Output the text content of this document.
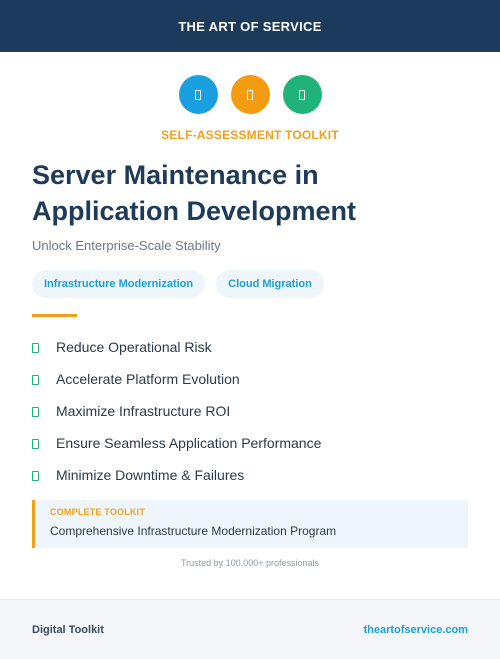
THE ART OF SERVICE
SELF-ASSESSMENT TOOLKIT
Server Maintenance in
Application Development
Unlock Enterprise-Scale Stability
Infrastructure Modernization	Cloud Migration
Reduce Operational Risk
Accelerate Platform Evolution
Maximize Infrastructure ROI
Ensure Seamless Application Performance
Minimize Downtime & Failures
COMPLETE TOOLKIT
Comprehensive Infrastructure Modernization Program
Trusted by 100,000+ professionals
Digital Toolkit	theartofservice.com
